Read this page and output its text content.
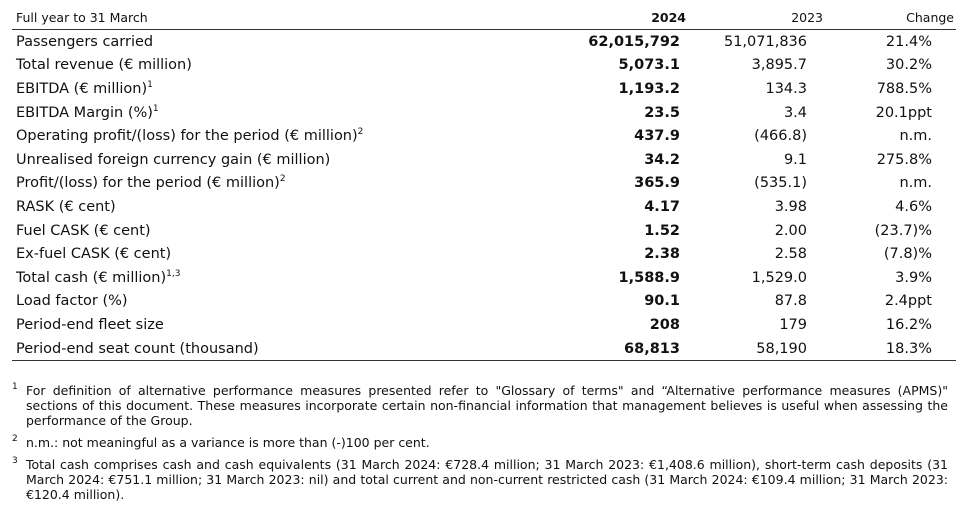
Full year to 31 March	2024	2023	Change
Passengers carried	62,015,792	51,071,836	21.4%
Total revenue (€ million)	5,073.1	3,895.7	30.2%
EBITDA (€ million)$^1$	1,193.2	134.3	788.5%
EBITDA Margin (%)$^1$	23.5	3.4	20.1ppt
Operating profit/(loss) for the period (€ million)$^2$	437.9	(466.8)	n.m.
Unrealised foreign currency gain (€ million)	34.2	9.1	275.8%
Profit/(loss) for the period (€ million)$^2$	365.9	(535.1)	n.m.
RASK (€ cent)	4.17	3.98	4.6%
Fuel CASK (€ cent)	1.52	2.00	(23.7)%
Ex-fuel CASK (€ cent)	2.38	2.58	(7.8)%
Total cash (€ million)$^{1,3}$	1,588.9	1,529.0	3.9%
Load factor (%)	90.1	87.8	2.4ppt
Period-end fleet size	208	179	16.2%
Period-end seat count (thousand)	68,813	58,190	18.3%
1 For definition of alternative performance measures presented refer to "Glossary of terms" and “Alternative performance measures (APMS)" sections of this document. These measures incorporate certain non-financial information that management believes is useful when assessing the performance of the Group.
2 n.m.: not meaningful as a variance is more than (-)100 per cent.
3 Total cash comprises cash and cash equivalents (31 March 2024: €728.4 million; 31 March 2023: €1,408.6 million), short-term cash deposits (31 March 2024: €751.1 million; 31 March 2023: nil) and total current and non-current restricted cash (31 March 2024: €109.4 million; 31 March 2023: €120.4 million).
